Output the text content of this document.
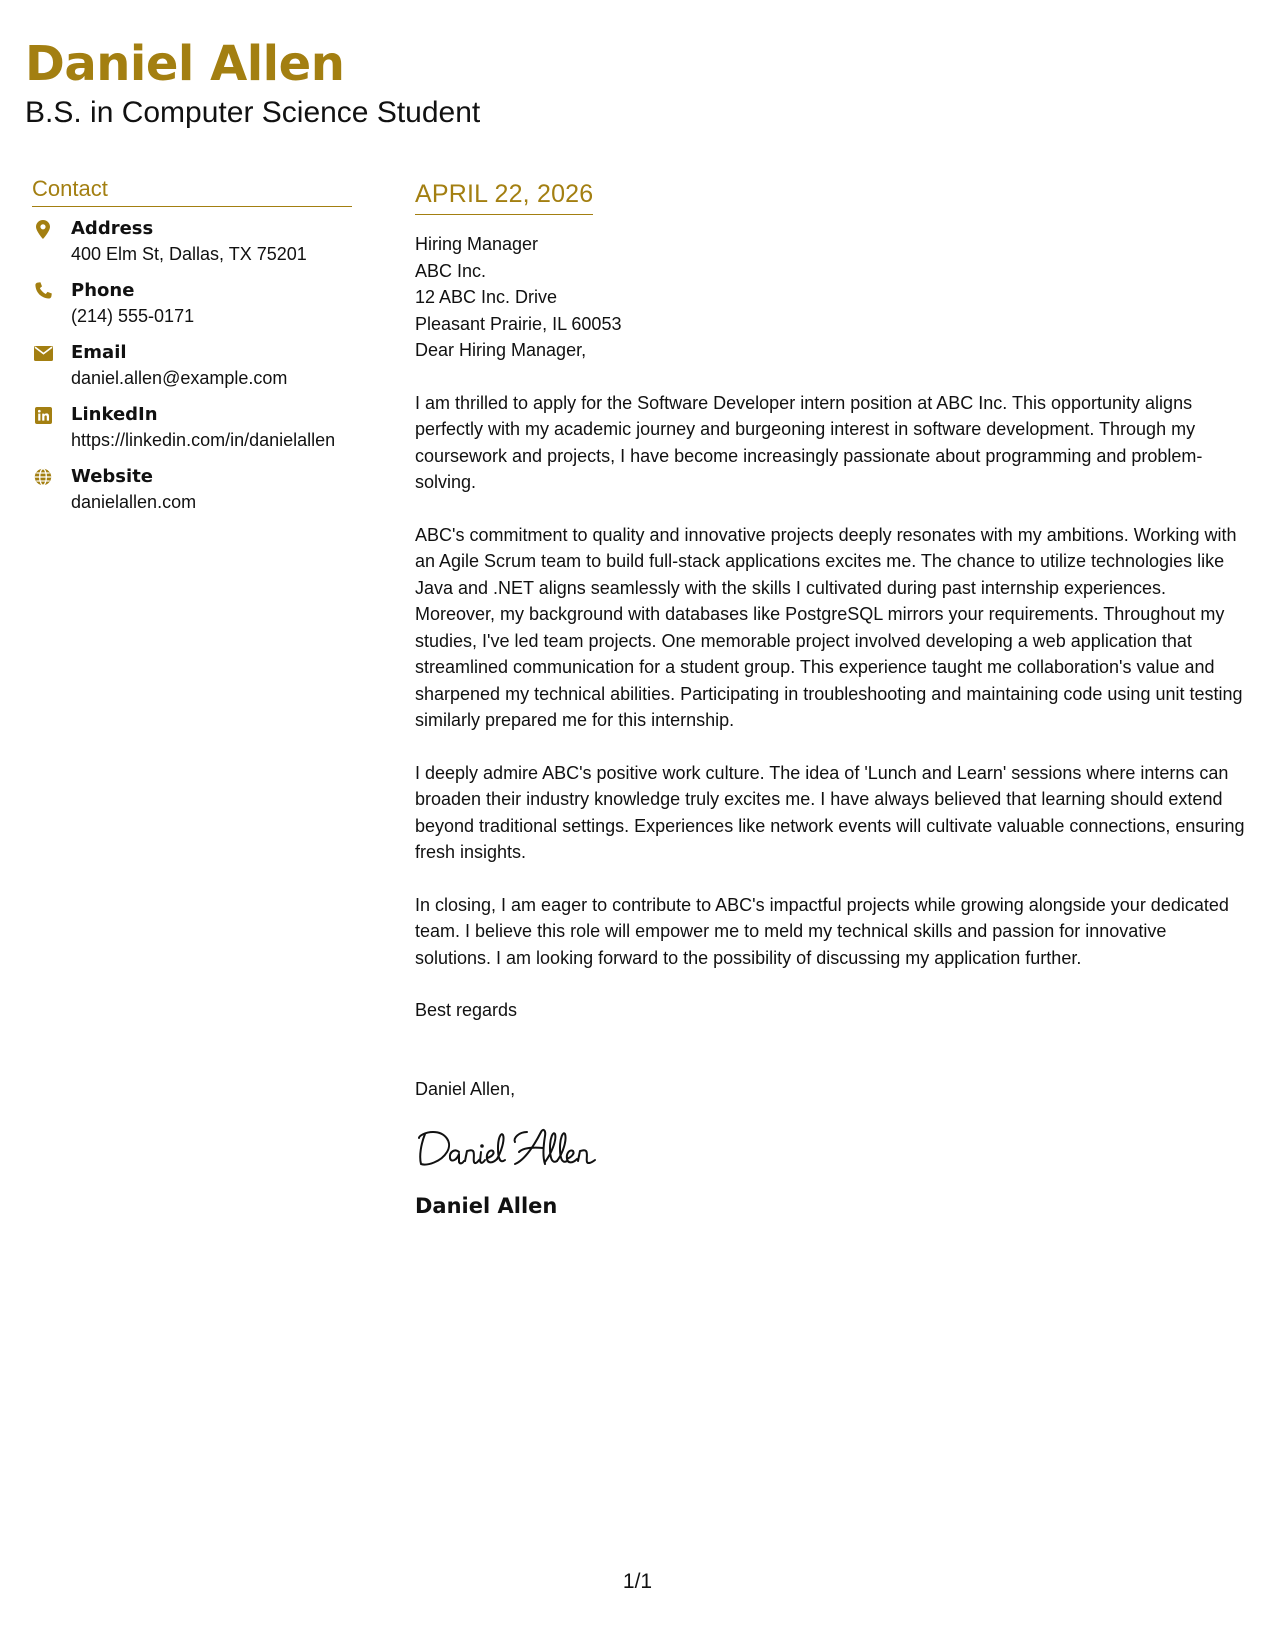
Daniel Allen
B.S. in Computer Science Student
Contact
Address
400 Elm St, Dallas, TX 75201
Phone
(214) 555-0171
Email
daniel.allen@example.com
LinkedIn
https://linkedin.com/in/danielallen
Website
danielallen.com
APRIL 22, 2026
Hiring Manager
ABC Inc.
12 ABC Inc. Drive
Pleasant Prairie, IL 60053
Dear Hiring Manager,

I am thrilled to apply for the Software Developer intern position at ABC Inc. This opportunity aligns perfectly with my academic journey and burgeoning interest in software development. Through my coursework and projects, I have become increasingly passionate about programming and problem-solving.

ABC's commitment to quality and innovative projects deeply resonates with my ambitions. Working with an Agile Scrum team to build full-stack applications excites me. The chance to utilize technologies like Java and .NET aligns seamlessly with the skills I cultivated during past internship experiences. Moreover, my background with databases like PostgreSQL mirrors your requirements. Throughout my studies, I've led team projects. One memorable project involved developing a web application that streamlined communication for a student group. This experience taught me collaboration's value and sharpened my technical abilities. Participating in troubleshooting and maintaining code using unit testing similarly prepared me for this internship.

I deeply admire ABC's positive work culture. The idea of 'Lunch and Learn' sessions where interns can broaden their industry knowledge truly excites me. I have always believed that learning should extend beyond traditional settings. Experiences like network events will cultivate valuable connections, ensuring fresh insights.

In closing, I am eager to contribute to ABC's impactful projects while growing alongside your dedicated team. I believe this role will empower me to meld my technical skills and passion for innovative solutions. I am looking forward to the possibility of discussing my application further.

Best regards
Daniel Allen,
Daniel Allen
1/1
